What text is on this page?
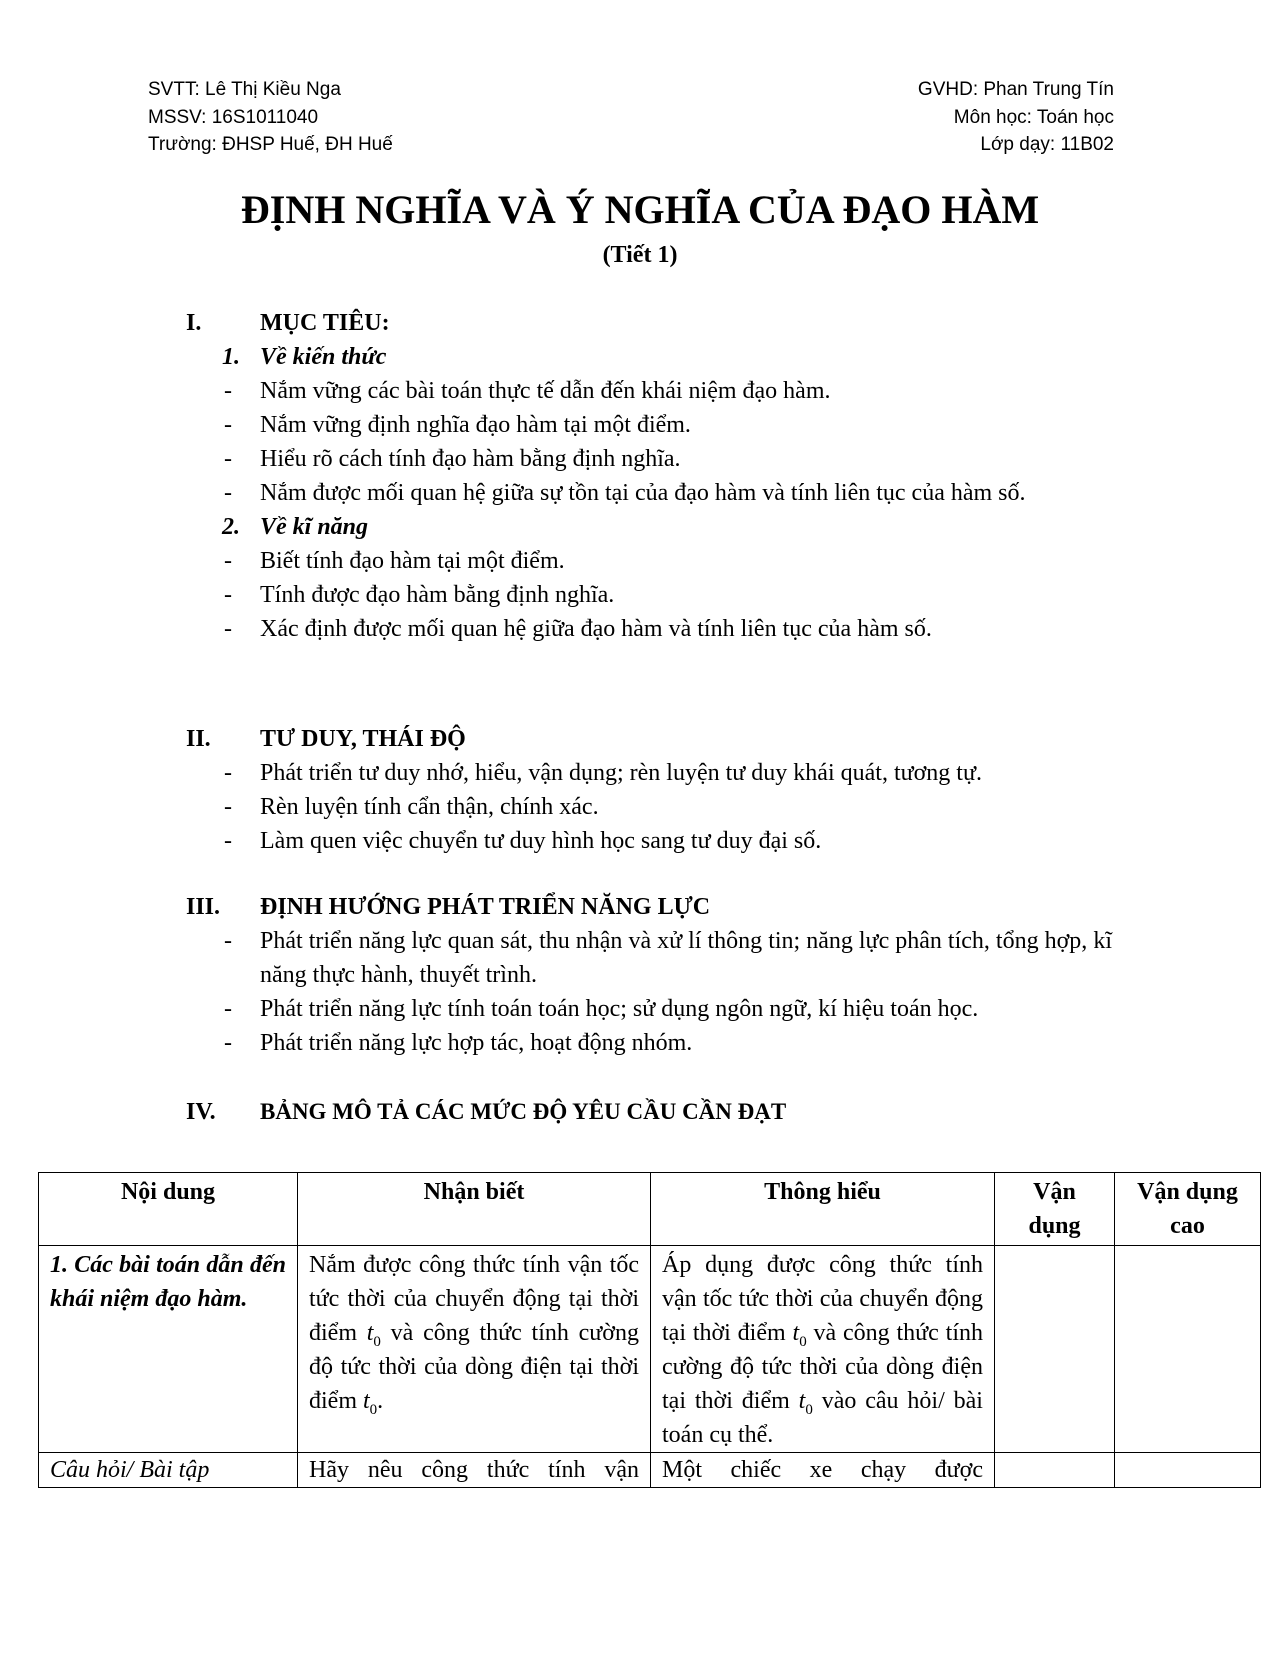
SVTT: Lê Thị Kiều Nga
MSSV: 16S1011040
Trường: ĐHSP Huế, ĐH Huế
GVHD: Phan Trung Tín
Môn học: Toán học
Lớp dạy: 11B02
ĐỊNH NGHĨA VÀ Ý NGHĨA CỦA ĐẠO HÀM
(Tiết 1)
I. MỤC TIÊU:
1. Về kiến thức
- Nắm vững các bài toán thực tế dẫn đến khái niệm đạo hàm.
- Nắm vững định nghĩa đạo hàm tại một điểm.
- Hiểu rõ cách tính đạo hàm bằng định nghĩa.
- Nắm được mối quan hệ giữa sự tồn tại của đạo hàm và tính liên tục của hàm số.
2. Về kĩ năng
- Biết tính đạo hàm tại một điểm.
- Tính được đạo hàm bằng định nghĩa.
- Xác định được mối quan hệ giữa đạo hàm và tính liên tục của hàm số.
II. TƯ DUY, THÁI ĐỘ
- Phát triển tư duy nhớ, hiểu, vận dụng; rèn luyện tư duy khái quát, tương tự.
- Rèn luyện tính cẩn thận, chính xác.
- Làm quen việc chuyển tư duy hình học sang tư duy đại số.
III. ĐỊNH HƯỚNG PHÁT TRIỂN NĂNG LỰC
- Phát triển năng lực quan sát, thu nhận và xử lí thông tin; năng lực phân tích, tổng hợp, kĩ năng thực hành, thuyết trình.
- Phát triển năng lực tính toán toán học; sử dụng ngôn ngữ, kí hiệu toán học.
- Phát triển năng lực hợp tác, hoạt động nhóm.
IV. BẢNG MÔ TẢ CÁC MỨC ĐỘ YÊU CẦU CẦN ĐẠT
Nội dung	Nhận biết	Thông hiểu	Vận dụng	Vận dụng cao
1. Các bài toán dẫn đến khái niệm đạo hàm.	Nắm được công thức tính vận tốc tức thời của chuyển động tại thời điểm $t_0$ và công thức tính cường độ tức thời của dòng điện tại thời điểm $t_0$.	Áp dụng được công thức tính vận tốc tức thời của chuyển động tại thời điểm $t_0$ và công thức tính cường độ tức thời của dòng điện tại thời điểm $t_0$ vào câu hỏi/ bài toán cụ thể.		
Câu hỏi/ Bài tập	Hãy nêu công thức tính vận	Một chiếc xe chạy được		
